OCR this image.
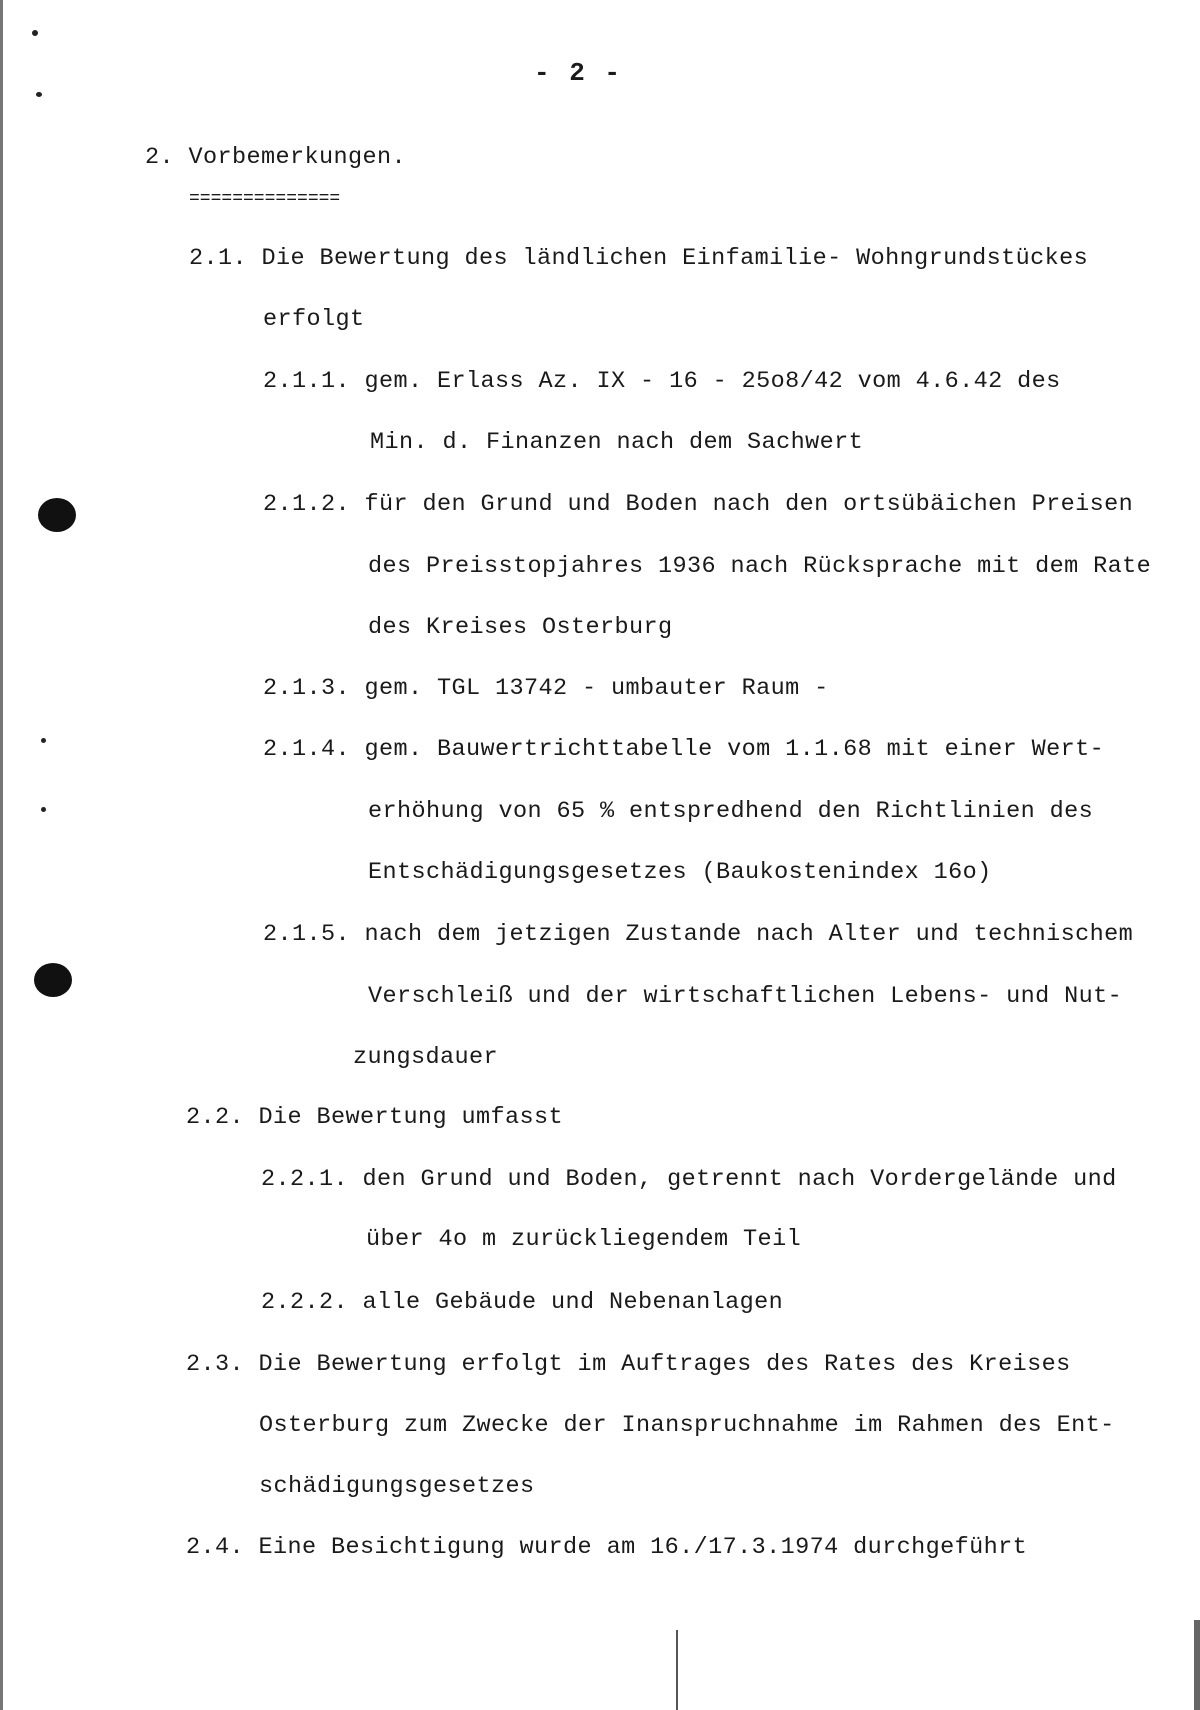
- 2 -
2. Vorbemerkungen.
==============
2.1. Die Bewertung des ländlichen Einfamilie- Wohngrundstückes
erfolgt
2.1.1. gem. Erlass Az. IX - 16 - 25o8/42 vom 4.6.42 des
Min. d. Finanzen nach dem Sachwert
2.1.2. für den Grund und Boden nach den ortsübäichen Preisen
des Preisstopjahres 1936 nach Rücksprache mit dem Rate
des Kreises Osterburg
2.1.3. gem. TGL 13742 - umbauter Raum -
2.1.4. gem. Bauwertrichttabelle vom 1.1.68 mit einer Wert-
erhöhung von 65 % entspredhend den Richtlinien des
Entschädigungsgesetzes (Baukostenindex 16o)
2.1.5. nach dem jetzigen Zustande nach Alter und technischem
Verschleiß und der wirtschaftlichen Lebens- und Nut-
zungsdauer
2.2. Die Bewertung umfasst
2.2.1. den Grund und Boden, getrennt nach Vordergelände und
über 4o m zurückliegendem Teil
2.2.2. alle Gebäude und Nebenanlagen
2.3. Die Bewertung erfolgt im Auftrages des Rates des Kreises
Osterburg zum Zwecke der Inanspruchnahme im Rahmen des Ent-
schädigungsgesetzes
2.4. Eine Besichtigung wurde am 16./17.3.1974 durchgeführt
